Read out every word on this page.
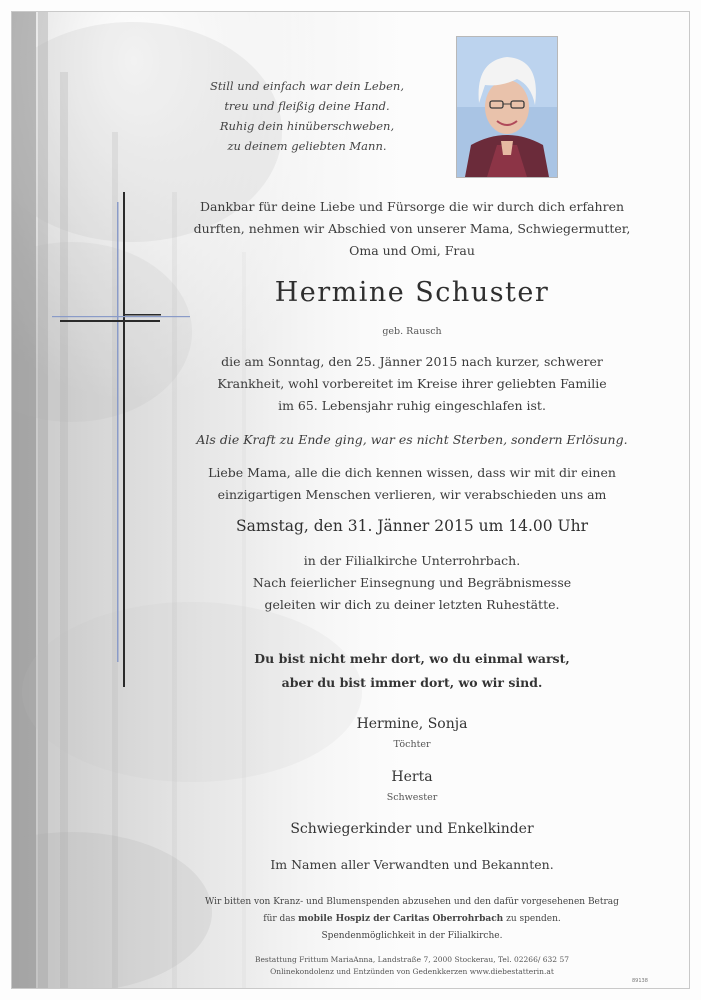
Still und einfach war dein Leben,
treu und fleißig deine Hand.
Ruhig dein hinüberschweben,
zu deinem geliebten Mann.
Dankbar für deine Liebe und Fürsorge die wir durch dich erfahren
durften, nehmen wir Abschied von unserer Mama, Schwiegermutter,
Oma und Omi, Frau
Hermine Schuster
geb. Rausch
die am Sonntag, den 25. Jänner 2015 nach kurzer, schwerer
Krankheit, wohl vorbereitet im Kreise ihrer geliebten Familie
im 65. Lebensjahr ruhig eingeschlafen ist.
Als die Kraft zu Ende ging, war es nicht Sterben, sondern Erlösung.
Liebe Mama, alle die dich kennen wissen, dass wir mit dir einen
einzigartigen Menschen verlieren, wir verabschieden uns am
Samstag, den 31. Jänner 2015 um 14.00 Uhr
in der Filialkirche Unterrohrbach.
Nach feierlicher Einsegnung und Begräbnismesse
geleiten wir dich zu deiner letzten Ruhestätte.
Du bist nicht mehr dort, wo du einmal warst,
aber du bist immer dort, wo wir sind.
Hermine, Sonja
Töchter
Herta
Schwester
Schwiegerkinder und Enkelkinder
Im Namen aller Verwandten und Bekannten.
Wir bitten von Kranz- und Blumenspenden abzusehen und den dafür vorgesehenen Betrag
für das mobile Hospiz der Caritas Oberrohrbach zu spenden.
Spendenmöglichkeit in der Filialkirche.
Bestattung Frittum MariaAnna, Landstraße 7, 2000 Stockerau, Tel. 02266/ 632 57
Onlinekondolenz und Entzünden von Gedenkkerzen www.diebestatterin.at
89138
